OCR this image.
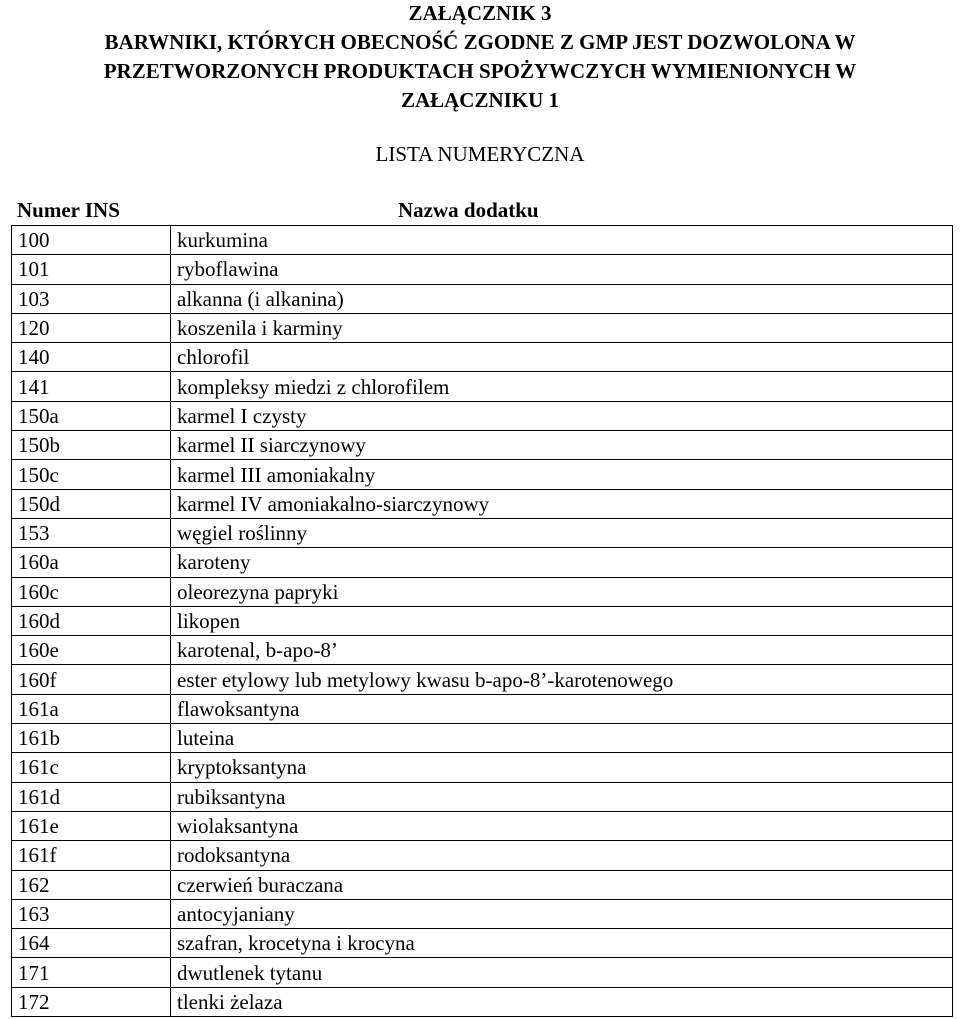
ZAŁĄCZNIK 3
BARWNIKI, KTÓRYCH OBECNOŚĆ ZGODNE Z GMP JEST DOZWOLONA W
PRZETWORZONYCH PRODUKTACH SPOŻYWCZYCH WYMIENIONYCH W
ZAŁĄCZNIKU 1
LISTA NUMERYCZNA
Numer INS	Nazwa dodatku
100	kurkumina
101	ryboflawina
103	alkanna (i alkanina)
120	koszenila i karminy
140	chlorofil
141	kompleksy miedzi z chlorofilem
150a	karmel I czysty
150b	karmel II siarczynowy
150c	karmel III amoniakalny
150d	karmel IV amoniakalno-siarczynowy
153	węgiel roślinny
160a	karoteny
160c	oleorezyna papryki
160d	likopen
160e	karotenal, b-apo-8’
160f	ester etylowy lub metylowy kwasu b-apo-8’-karotenowego
161a	flawoksantyna
161b	luteina
161c	kryptoksantyna
161d	rubiksantyna
161e	wiolaksantyna
161f	rodoksantyna
162	czerwień buraczana
163	antocyjaniany
164	szafran, krocetyna i krocyna
171	dwutlenek tytanu
172	tlenki żelaza
